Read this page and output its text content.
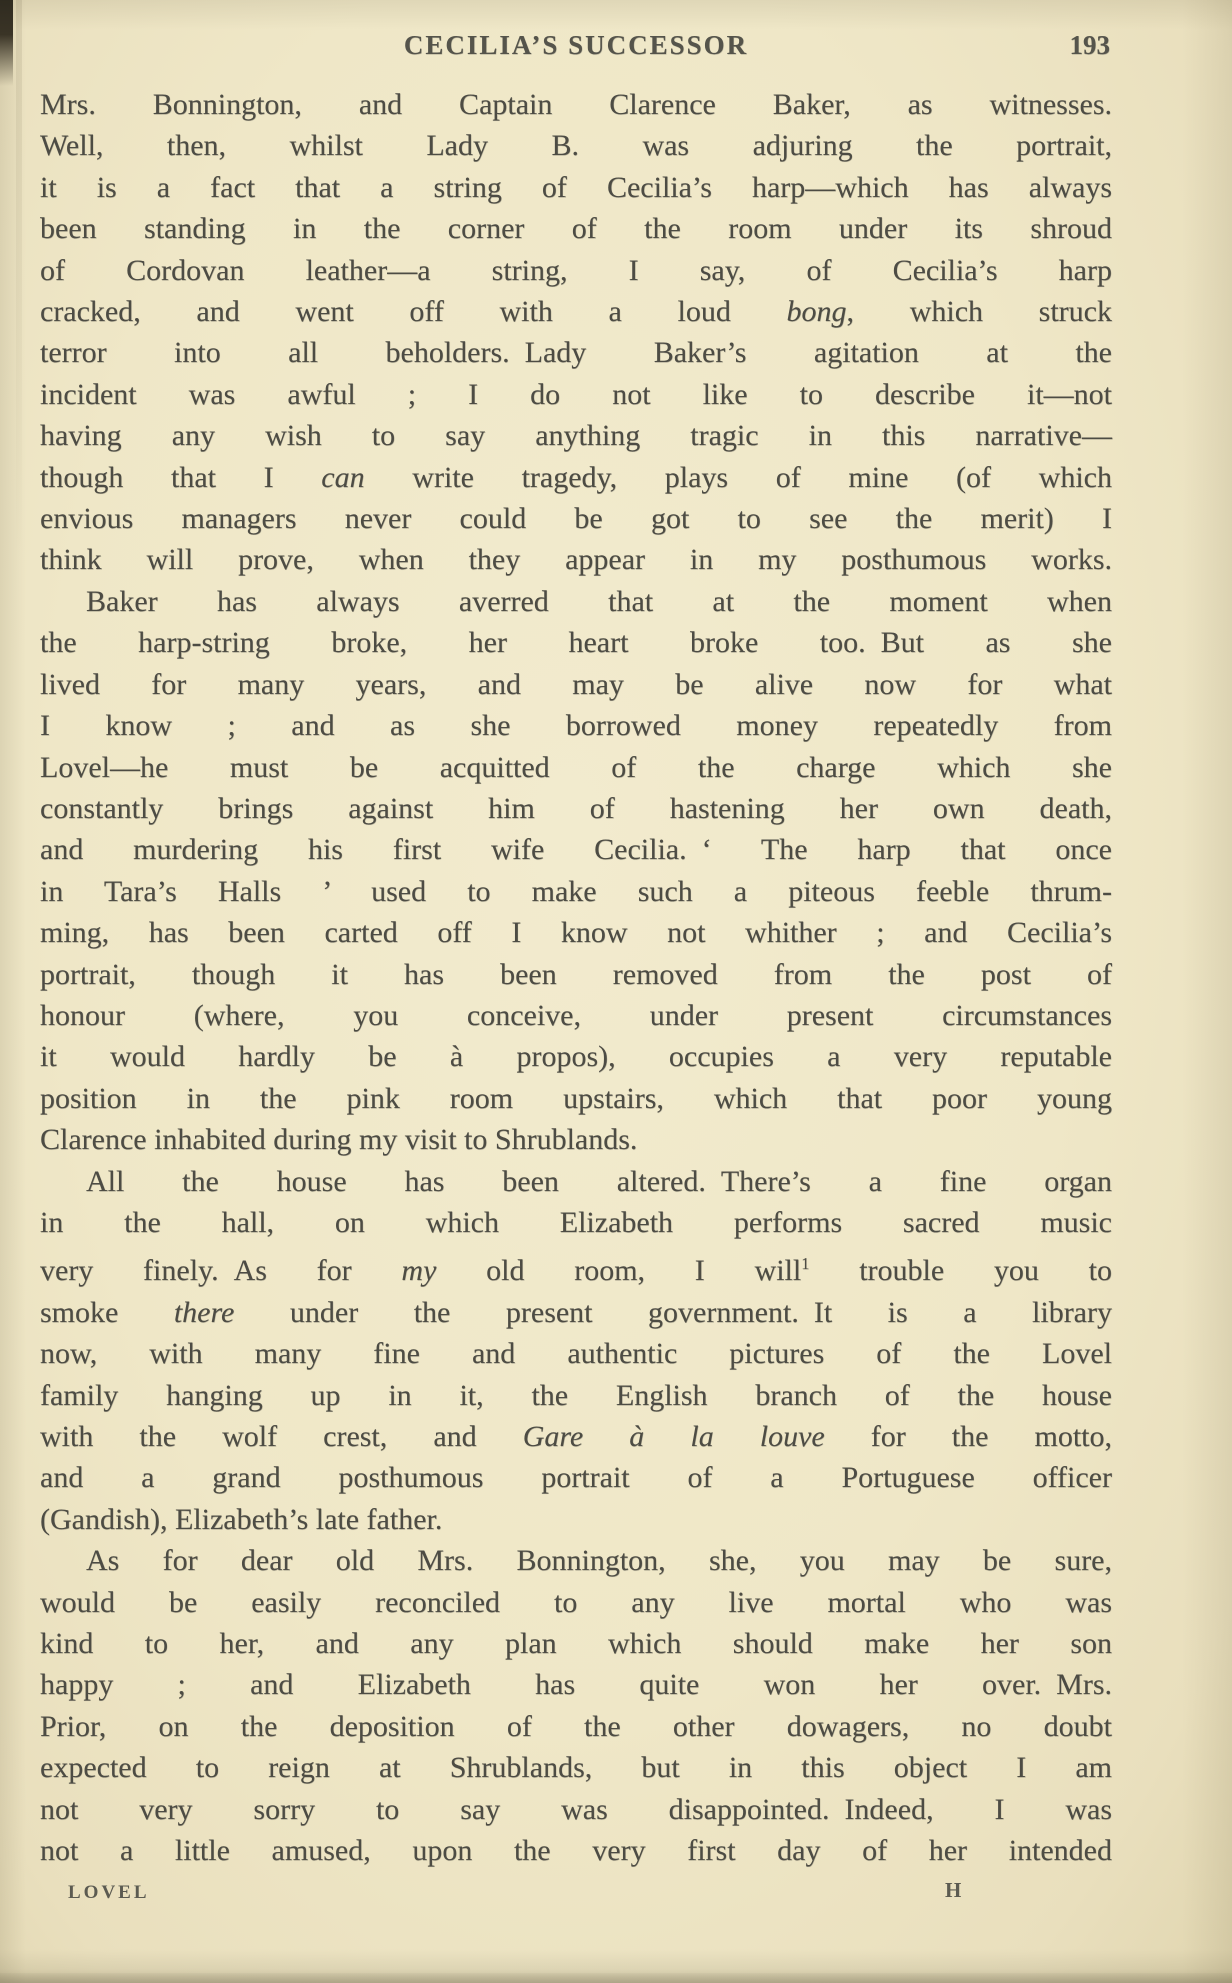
CECILIA’S SUCCESSOR	193
Mrs. Bonnington, and Captain Clarence Baker, as witnesses.
Well, then, whilst Lady B. was adjuring the portrait,
it is a fact that a string of Cecilia’s harp—which has always
been standing in the corner of the room under its shroud
of Cordovan leather—a string, I say, of Cecilia’s harp
cracked, and went off with a loud bong, which struck
terror into all beholders. Lady Baker’s agitation at the
incident was awful ; I do not like to describe it—not
having any wish to say anything tragic in this narrative—
though that I can write tragedy, plays of mine (of which
envious managers never could be got to see the merit) I
think will prove, when they appear in my posthumous works.
Baker has always averred that at the moment when
the harp-string broke, her heart broke too. But as she
lived for many years, and may be alive now for what
I know ; and as she borrowed money repeatedly from
Lovel—he must be acquitted of the charge which she
constantly brings against him of hastening her own death,
and murdering his first wife Cecilia. ‘ The harp that once
in Tara’s Halls ’ used to make such a piteous feeble thrum-
ming, has been carted off I know not whither ; and Cecilia’s
portrait, though it has been removed from the post of
honour (where, you conceive, under present circumstances
it would hardly be à propos), occupies a very reputable
position in the pink room upstairs, which that poor young
Clarence inhabited during my visit to Shrublands.
All the house has been altered. There’s a fine organ
in the hall, on which Elizabeth performs sacred music
very finely. As for my old room, I will$^1$ trouble you to
smoke there under the present government. It is a library
now, with many fine and authentic pictures of the Lovel
family hanging up in it, the English branch of the house
with the wolf crest, and Gare à la louve for the motto,
and a grand posthumous portrait of a Portuguese officer
(Gandish), Elizabeth’s late father.
As for dear old Mrs. Bonnington, she, you may be sure,
would be easily reconciled to any live mortal who was
kind to her, and any plan which should make her son
happy ; and Elizabeth has quite won her over. Mrs.
Prior, on the deposition of the other dowagers, no doubt
expected to reign at Shrublands, but in this object I am
not very sorry to say was disappointed. Indeed, I was
not a little amused, upon the very first day of her intended
LOVEL	H
